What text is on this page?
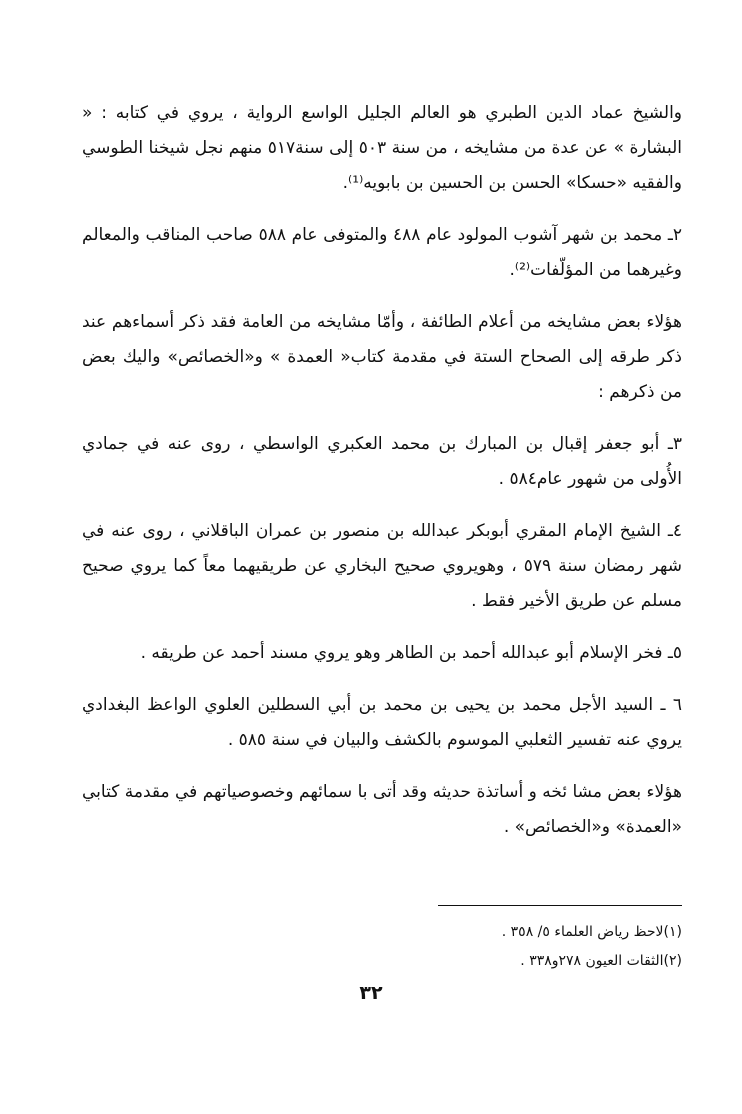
والشيخ عماد الدين الطبري هو العالم الجليل الواسع الرواية ، يروي في كتابه : « البشارة » عن عدة من مشايخه ، من سنة ٥٠٣ إلى سنة٥١٧ منهم نجل شيخنا الطوسي والفقيه «حسكا» الحسن بن الحسين بن بابويه⁽¹⁾.

٢ـ محمد بن شهر آشوب المولود عام ٤٨٨ والمتوفى عام ٥٨٨ صاحب المناقب والمعالم وغيرهما من المؤلّفات⁽²⁾.

هؤلاء بعض مشايخه من أعلام الطائفة ، وأمّا مشايخه من العامة فقد ذكر أسماءهم عند ذكر طرقه إلى الصحاح الستة في مقدمة كتاب« العمدة » و«الخصائص» واليك بعض من ذكرهم :

٣ـ أبو جعفر إقبال بن المبارك بن محمد العكبري الواسطي ، روى عنه في جمادي الأُولى من شهور عام٥٨٤ .

٤ـ الشيخ الإمام المقري أبوبكر عبدالله بن منصور بن عمران الباقلاني ، روى عنه في شهر رمضان سنة ٥٧٩ ، وهويروي صحيح البخاري عن طريقيهما معاً كما يروي صحيح مسلم عن طريق الأخير فقط .

٥ـ فخر الإسلام أبو عبدالله أحمد بن الطاهر وهو يروي مسند أحمد عن طريقه .

٦ ـ السيد الأجل محمد بن يحيى بن محمد بن أبي السطلين العلوي الواعظ البغدادي يروي عنه تفسير الثعلبي الموسوم بالكشف والبيان في سنة ٥٨٥ .

هؤلاء بعض مشا ئخه و أساتذة حديثه وقد أتى با سمائهم وخصوصياتهم في مقدمة كتابي «العمدة» و«الخصائص» .

(١)لاحظ رياض العلماء ٥/ ٣٥٨ .

(٢)الثقات العيون ٢٧٨و٣٣٨ .

٣٢
